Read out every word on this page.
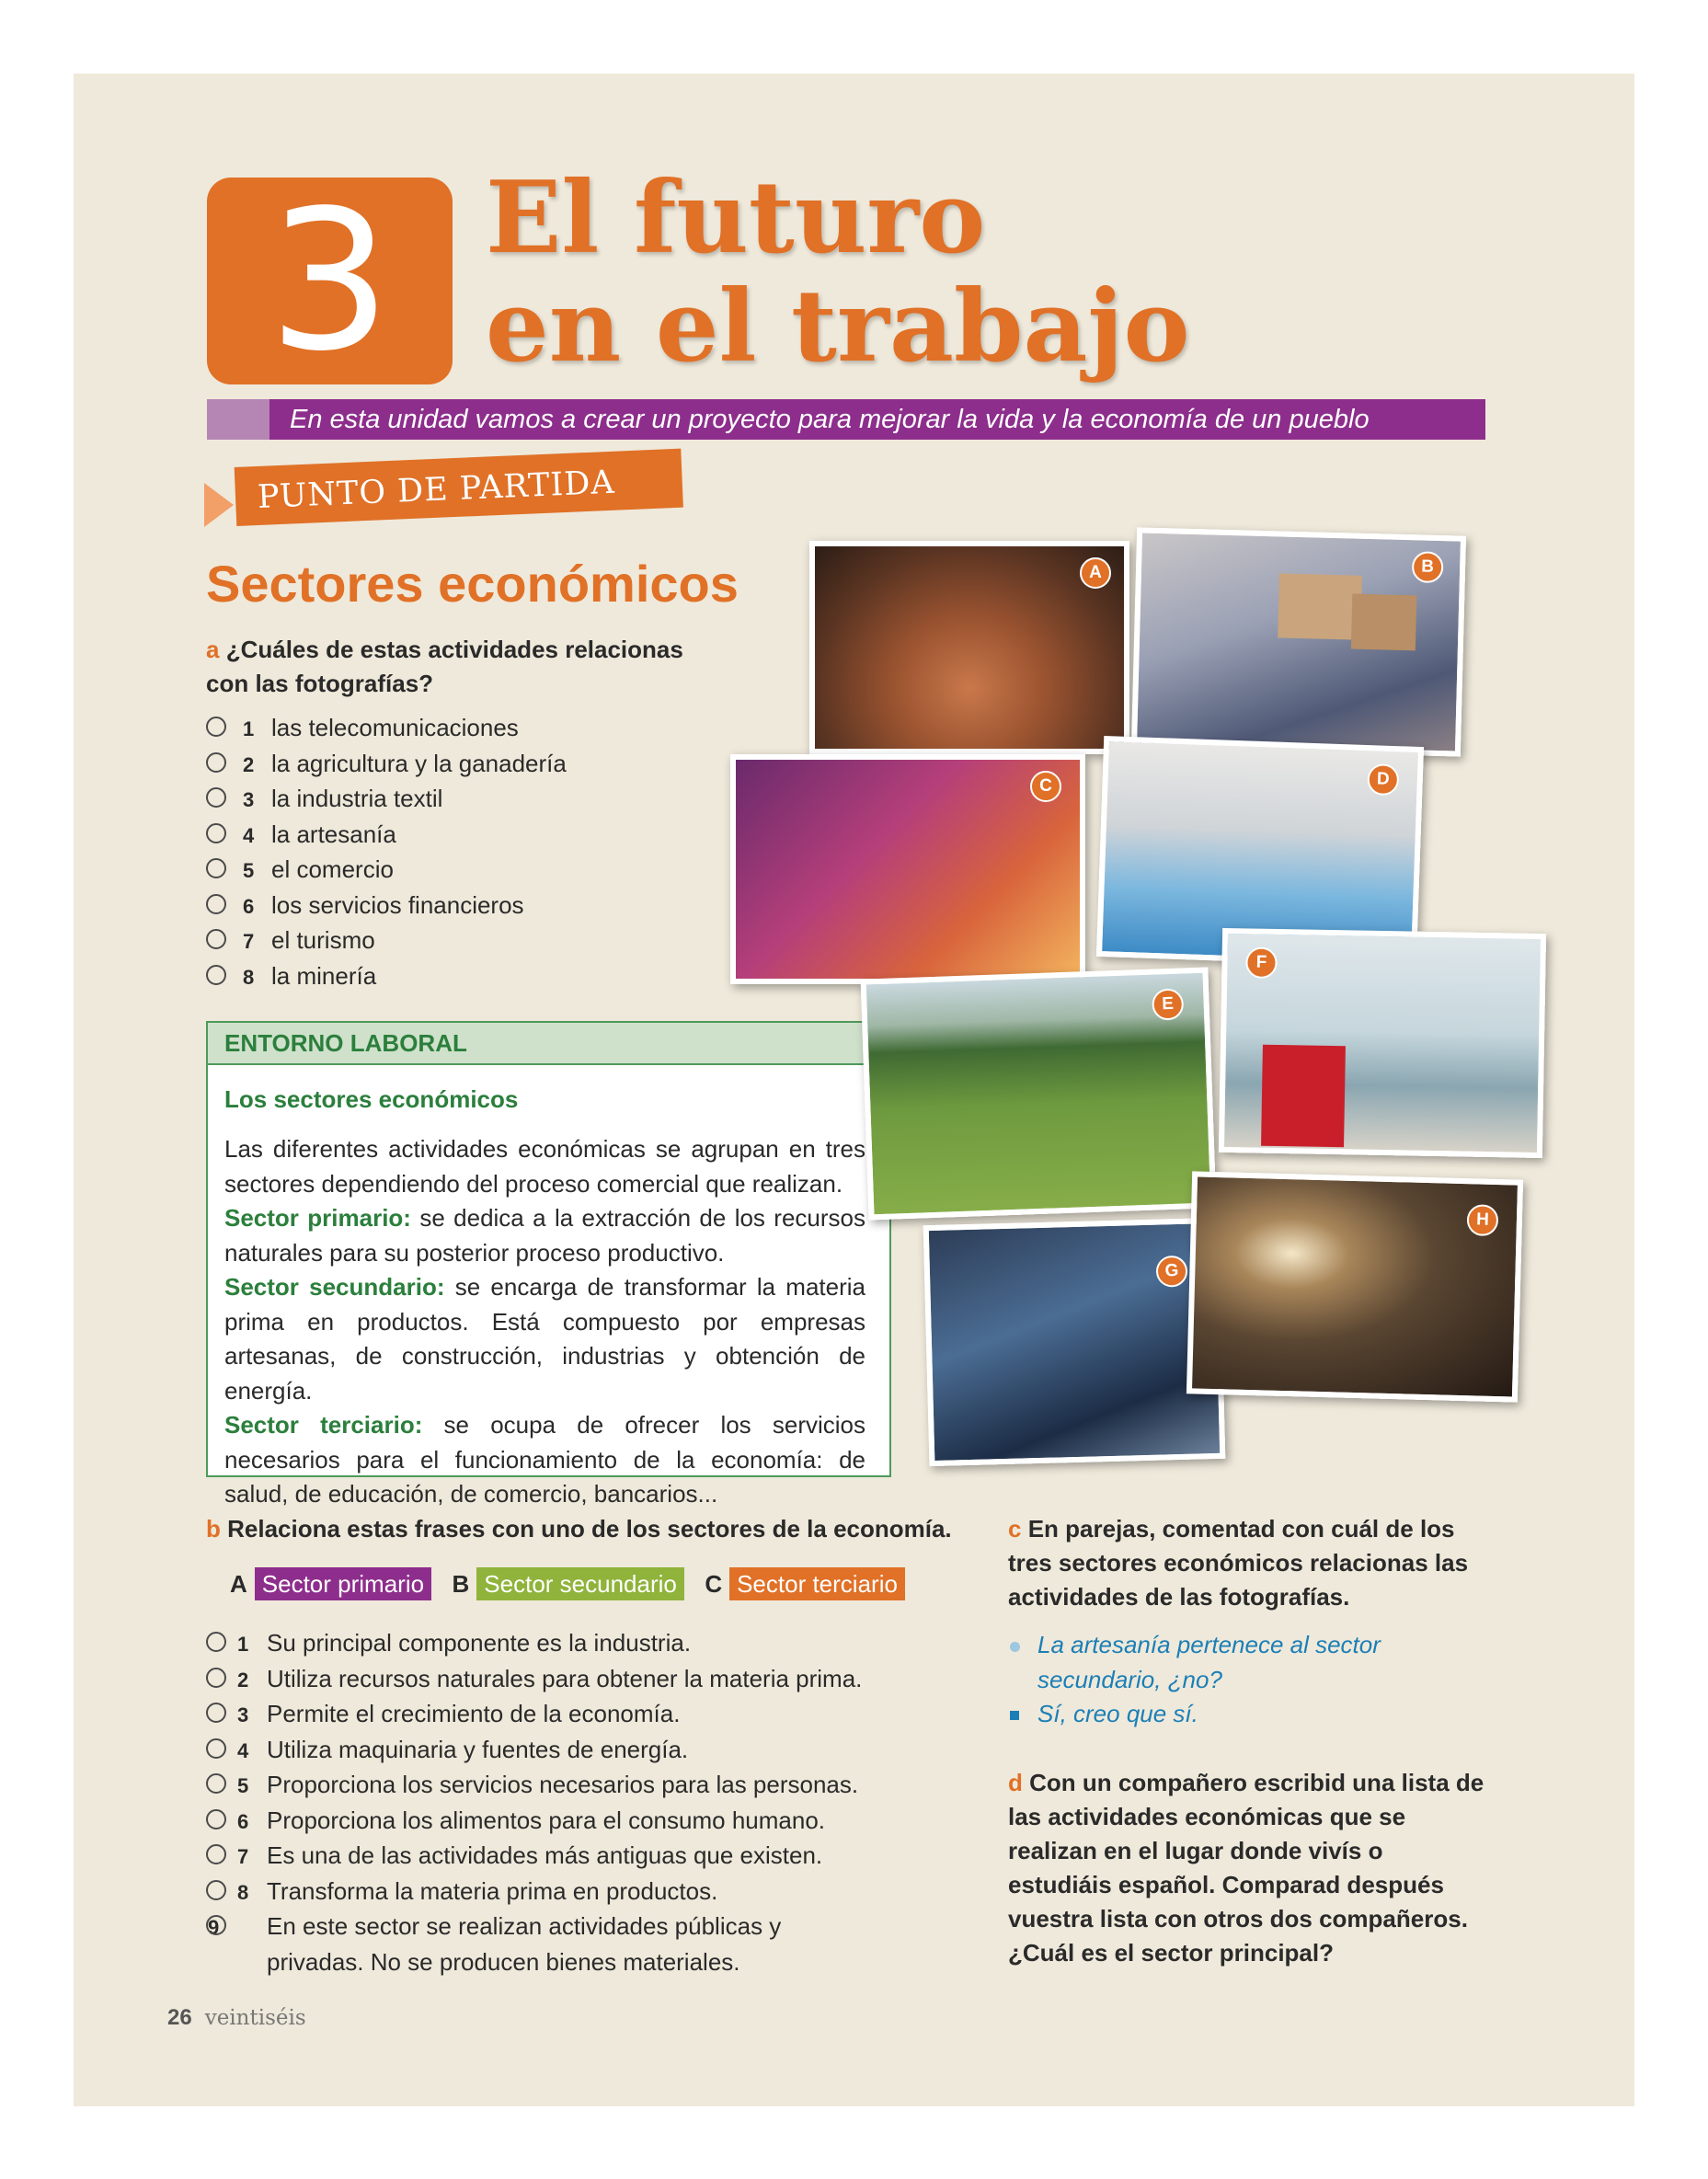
3 El futuro
en el trabajo
En esta unidad vamos a crear un proyecto para mejorar la vida y la economía de un pueblo
PUNTO DE PARTIDA
Sectores económicos
a ¿Cuáles de estas actividades relacionas con las fotografías?
1 las telecomunicaciones
2 la agricultura y la ganadería
3 la industria textil
4 la artesanía
5 el comercio
6 los servicios financieros
7 el turismo
8 la minería
ENTORNO LABORAL
Los sectores económicos
Las diferentes actividades económicas se agrupan en tres sectores dependiendo del proceso comercial que realizan.
Sector primario: se dedica a la extracción de los recursos naturales para su posterior proceso productivo.
Sector secundario: se encarga de transformar la materia prima en productos. Está compuesto por empresas artesanas, de construcción, industrias y obtención de energía.
Sector terciario: se ocupa de ofrecer los servicios necesarios para el funcionamiento de la economía: de salud, de educación, de comercio, bancarios...
A	B
C	D
E
F
G
H
b Relaciona estas frases con uno de los sectores de la economía.
A Sector primario B Sector secundario C Sector terciario
1 Su principal componente es la industria.
2 Utiliza recursos naturales para obtener la materia prima.
3 Permite el crecimiento de la economía.
4 Utiliza maquinaria y fuentes de energía.
5 Proporciona los servicios necesarios para las personas.
6 Proporciona los alimentos para el consumo humano.
7 Es una de las actividades más antiguas que existen.
8 Transforma la materia prima en productos.
9 En este sector se realizan actividades públicas y privadas. No se producen bienes materiales.
c En parejas, comentad con cuál de los tres sectores económicos relacionas las actividades de las fotografías.
La artesanía pertenece al sector secundario, ¿no?
Sí, creo que sí.
d Con un compañero escribid una lista de las actividades económicas que se realizan en el lugar donde vivís o estudiáis español. Comparad después vuestra lista con otros dos compañeros. ¿Cuál es el sector principal?
26 veintiséis
